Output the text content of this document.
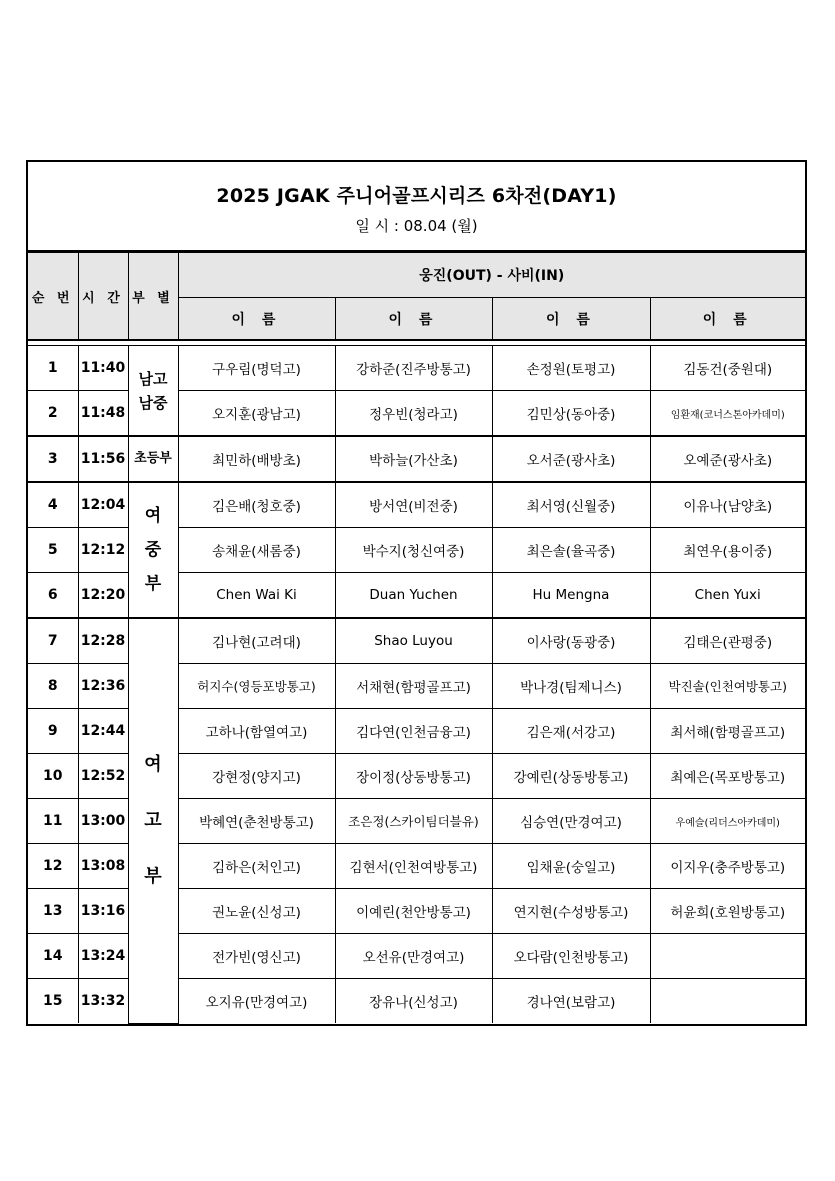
2025 JGAK 주니어골프시리즈 6차전(DAY1)
일 시 : 08.04 (월)
순 번	시 간	부 별	웅진(OUT) - 사비(IN)			
			이 름	이 름	이 름	이 름

1	11:40	남고 남중	구우림(명덕고)	강하준(진주방통고)	손정원(토평고)	김동건(중원대)
2	11:48		오지훈(광남고)	정우빈(청라고)	김민상(동아중)	임환재(코너스톤아카데미)
3	11:56	초등부	최민하(배방초)	박하늘(가산초)	오서준(광사초)	오예준(광사초)
4	12:04	여 중 부	김은배(청호중)	방서연(비전중)	최서영(신월중)	이유나(남양초)
5	12:12		송채윤(새롬중)	박수지(청신여중)	최은솔(율곡중)	최연우(용이중)
6	12:20		Chen Wai Ki	Duan Yuchen	Hu Mengna	Chen Yuxi
7	12:28	여 고 부	김나현(고려대)	Shao Luyou	이사랑(동광중)	김태은(관평중)
8	12:36		허지수(영등포방통고)	서채현(함평골프고)	박나경(팀제니스)	박진솔(인천여방통고)
9	12:44		고하나(함열여고)	김다연(인천금융고)	김은재(서강고)	최서해(함평골프고)
10	12:52		강현정(양지고)	장이정(상동방통고)	강예린(상동방통고)	최예은(목포방통고)
11	13:00		박혜연(춘천방통고)	조은정(스카이팀더블유)	심승연(만경여고)	우예슬(리더스아카데미)
12	13:08		김하은(처인고)	김현서(인천여방통고)	임채윤(숭일고)	이지우(충주방통고)
13	13:16		권노윤(신성고)	이예린(천안방통고)	연지현(수성방통고)	허윤희(호원방통고)
14	13:24		전가빈(영신고)	오선유(만경여고)	오다람(인천방통고)	
15	13:32		오지유(만경여고)	장유나(신성고)	경나연(보람고)	
